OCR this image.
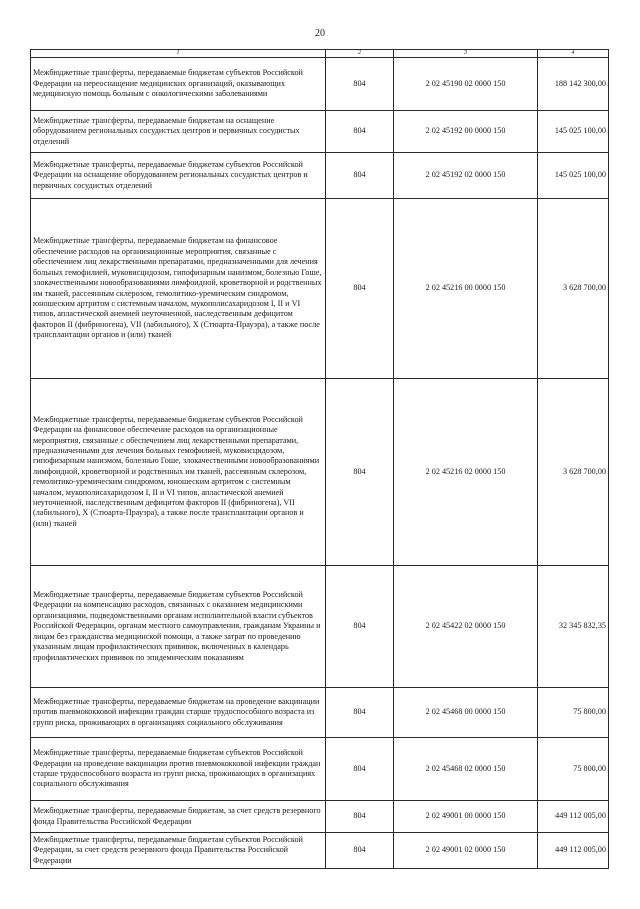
20
1	2	3	4
Межбюджетные трансферты, передаваемые бюджетам субъектов Российской Федерации на переоснащение медицинских организаций, оказывающих медицинскую помощь больным с онкологическими заболеваниями	804	2 02 45190 02 0000 150	188 142 300,00
Межбюджетные трансферты, передаваемые бюджетам на оснащение оборудованием региональных сосудистых центров и первичных сосудистых отделений	804	2 02 45192 00 0000 150	145 025 100,00
Межбюджетные трансферты, передаваемые бюджетам субъектов Российской Федерации на оснащение оборудованием региональных сосудистых центров и первичных сосудистых отделений	804	2 02 45192 02 0000 150	145 025 100,00
Межбюджетные трансферты, передаваемые бюджетам на финансовое обеспечение расходов на организационные мероприятия, связанные с обеспечением лиц лекарственными препаратами, предназначенными для лечения больных гемофилией, муковисцидозом, гипофизарным нанизмом, болезнью Гоше, злокачественными новообразованиями лимфоидной, кроветворной и родственных им тканей, рассеянным склерозом, гемолитико-уремическим синдромом, юношеским артритом с системным началом, мукополисахаридозом I, II и VI типов, апластической анемией неуточненной, наследственным дефицитом факторов II (фибриногена), VII (лабильного), X (Стюарта-Прауэра), а также после трансплантации органов и (или) тканей	804	2 02 45216 00 0000 150	3 628 700,00
Межбюджетные трансферты, передаваемые бюджетам субъектов Российской Федерации на финансовое обеспечение расходов на организационные мероприятия, связанные с обеспечением лиц лекарственными препаратами, предназначенными для лечения больных гемофилией, муковисцидозом, гипофизарным нанизмом, болезнью Гоше, злокачественными новообразованиями лимфоидной, кроветворной и родственных им тканей, рассеянным склерозом, гемолитико-уремическим синдромом, юношеским артритом с системным началом, мукополисахаридозом I, II и VI типов, апластической анемией неуточненной, наследственным дефицитом факторов II (фибриногена), VII (лабильного), X (Стюарта-Прауэра), а также после трансплантации органов и (или) тканей	804	2 02 45216 02 0000 150	3 628 700,00
Межбюджетные трансферты, передаваемые бюджетам субъектов Российской Федерации на компенсацию расходов, связанных с оказанием медицинскими организациями, подведомственными органам исполнительной власти субъектов Российской Федерации, органам местного самоуправления, гражданам Украины и лицам без гражданства медицинской помощи, а также затрат по проведению указанным лицам профилактических прививок, включенных в календарь профилактических прививок по эпидемическим показаниям	804	2 02 45422 02 0000 150	32 345 832,35
Межбюджетные трансферты, передаваемые бюджетам на проведение вакцинации против пневмококковой инфекции граждан старше трудоспособного возраста из групп риска, проживающих в организациях социального обслуживания	804	2 02 45468 00 0000 150	75 800,00
Межбюджетные трансферты, передаваемые бюджетам субъектов Российской Федерации на проведение вакцинации против пневмококковой инфекции граждан старше трудоспособного возраста из групп риска, проживающих в организациях социального обслуживания	804	2 02 45468 02 0000 150	75 800,00
Межбюджетные трансферты, передаваемые бюджетам, за счет средств резервного фонда Правительства Российской Федерации	804	2 02 49001 00 0000 150	449 112 005,00
Межбюджетные трансферты, передаваемые бюджетам субъектов Российской Федерации, за счет средств резервного фонда Правительства Российской Федерации	804	2 02 49001 02 0000 150	449 112 005,00
